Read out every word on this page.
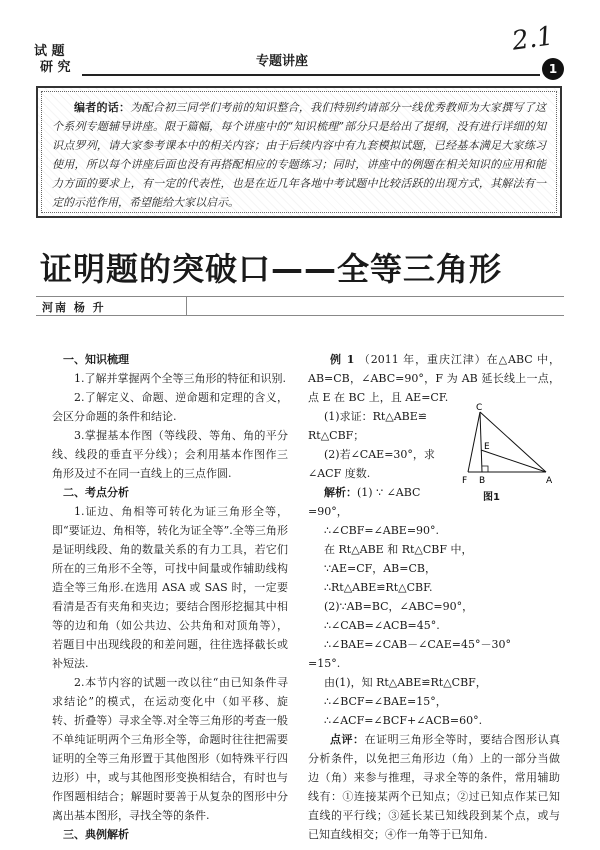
试 题
研 究	专题讲座
2.1
1

编者的话：为配合初三同学们考前的知识整合，我们特别约请部分一线优秀教师为大家撰写了这个系列专题辅导讲座。限于篇幅，每个讲座中的“知识梳理”部分只是给出了提纲，没有进行详细的知识点罗列，请大家参考课本中的相关内容；由于后续内容中有九套模拟试题，已经基本满足大家练习使用，所以每个讲座后面也没有再搭配相应的专题练习；同时，讲座中的例题在相关知识的应用和能力方面的要求上，有一定的代表性，也是在近几年各地中考试题中比较活跃的出现方式，其解法有一定的示范作用，希望能给大家以启示。

证明题的突破口——全等三角形
河南 杨 升
一、知识梳理

1.了解并掌握两个全等三角形的特征和识别.

2.了解定义、命题、逆命题和定理的含义，会区分命题的条件和结论.

3.掌握基本作图（等线段、等角、角的平分线、线段的垂直平分线）；会利用基本作图作三角形及过不在同一直线上的三点作圆.

二、考点分析

1.证边、角相等可转化为证三角形全等，即“要证边、角相等，转化为证全等”.全等三角形是证明线段、角的数量关系的有力工具，若它们所在的三角形不全等，可找中间量或作辅助线构造全等三角形.在选用 ASA 或 SAS 时，一定要看清是否有夹角和夹边；要结合图形挖掘其中相等的边和角（如公共边、公共角和对顶角等），若题目中出现线段的和差问题，往往选择截长或补短法.

2.本节内容的试题一改以往“由已知条件寻求结论”的模式，在运动变化中（如平移、旋转、折叠等）寻求全等.对全等三角形的考查一般不单纯证明两个三角形全等，命题时往往把需要证明的全等三角形置于其他图形（如特殊平行四边形）中，或与其他图形变换相结合，有时也与作图题相结合；解题时要善于从复杂的图形中分离出基本图形，寻找全等的条件.

三、典例解析

例 1 （2011 年，重庆江津）在△ABC 中，AB=CB，∠ABC=90°，F 为 AB 延长线上一点，点 E 在 BC 上，且 AE=CF.

(1)求证：Rt△ABE≌
Rt△CBF；
(2)若∠CAE=30°，求
∠ACF 度数.
解析：(1) ∵ ∠ABC
=90°，
∴∠CBF=∠ABE=90°.
在 Rt△ABE 和 Rt△CBF 中，
∵AE=CF，AB=CB，
∴Rt△ABE≌Rt△CBF.
(2)∵AB=BC，∠ABC=90°，
∴∠CAB=∠ACB=45°.
∴∠BAE=∠CAB－∠CAE=45°－30°
=15°.
由(1)，知 Rt△ABE≌Rt△CBF，
∴∠BCF=∠BAE=15°，
∴∠ACF=∠BCF+∠ACB=60°.

点评：在证明三角形全等时，要结合图形认真分析条件，以免把三角形边（角）上的一部分当做边（角）来参与推理，寻求全等的条件，常用辅助线有：①连接某两个已知点；②过已知点作某已知直线的平行线；③延长某已知线段到某个点，或与已知直线相交；④作一角等于已知角.

C
E
F B	A
图1
